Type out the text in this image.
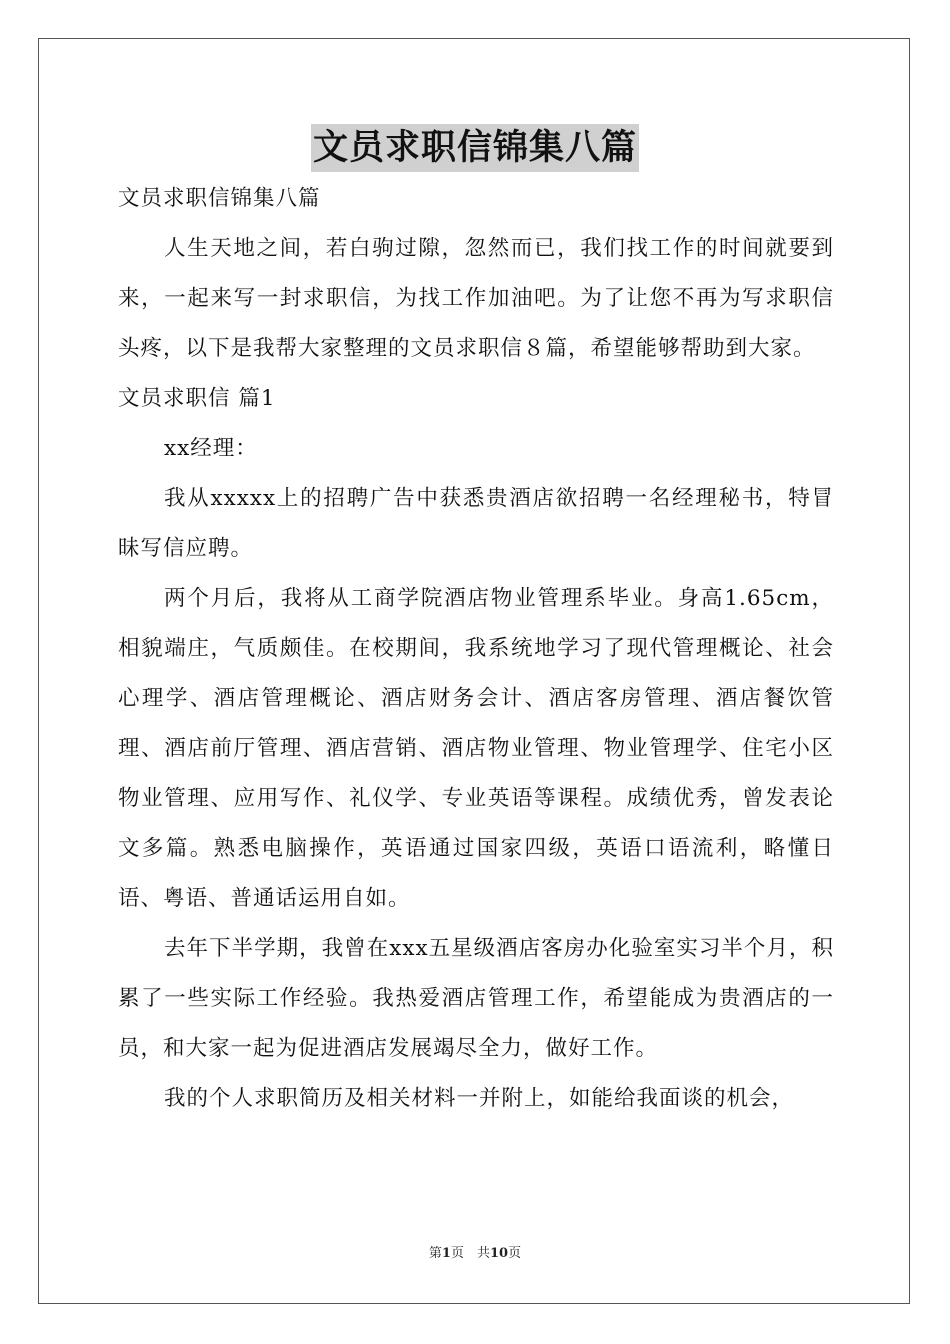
文员求职信锦集八篇

文员求职信锦集八篇

人生天地之间，若白驹过隙，忽然而已，我们找工作的时间就要到来，一起来写一封求职信，为找工作加油吧。为了让您不再为写求职信头疼，以下是我帮大家整理的文员求职信８篇，希望能够帮助到大家。

文员求职信 篇1

xx经理：

我从xxxxx上的招聘广告中获悉贵酒店欲招聘一名经理秘书，特冒昧写信应聘。

两个月后，我将从工商学院酒店物业管理系毕业。身高1.65cm，相貌端庄，气质颇佳。在校期间，我系统地学习了现代管理概论、社会心理学、酒店管理概论、酒店财务会计、酒店客房管理、酒店餐饮管理、酒店前厅管理、酒店营销、酒店物业管理、物业管理学、住宅小区物业管理、应用写作、礼仪学、专业英语等课程。成绩优秀，曾发表论文多篇。熟悉电脑操作，英语通过国家四级，英语口语流利，略懂日语、粤语、普通话运用自如。

去年下半学期，我曾在xxx五星级酒店客房办化验室实习半个月，积累了一些实际工作经验。我热爱酒店管理工作，希望能成为贵酒店的一员，和大家一起为促进酒店发展竭尽全力，做好工作。

我的个人求职简历及相关材料一并附上，如能给我面谈的机会，

第1页　共10页
